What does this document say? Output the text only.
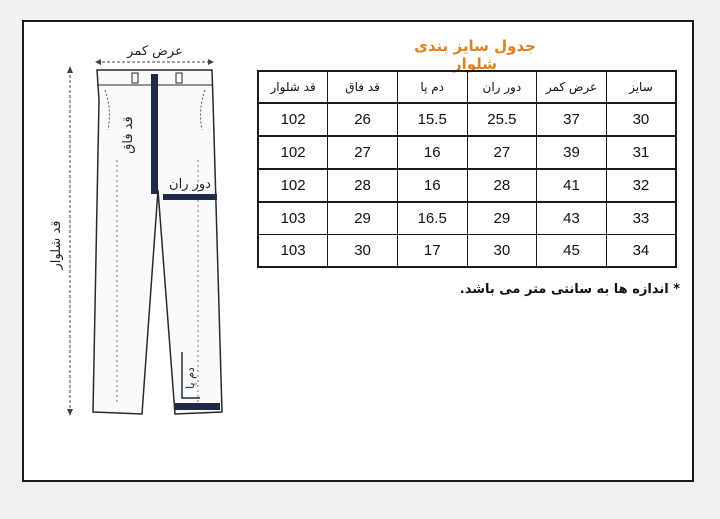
عرض کمر
قد فاق
دور ران
دم پا
قد شلوار
جدول سایز بندی شلوار
سایز	عرض کمر	دور ران	دم پا	قد فاق	قد شلوار
30	37	25.5	15.5	26	102
31	39	27	16	27	102
32	41	28	16	28	102
33	43	29	16.5	29	103
34	45	30	17	30	103
* اندازه ها به سانتی متر می باشد.
